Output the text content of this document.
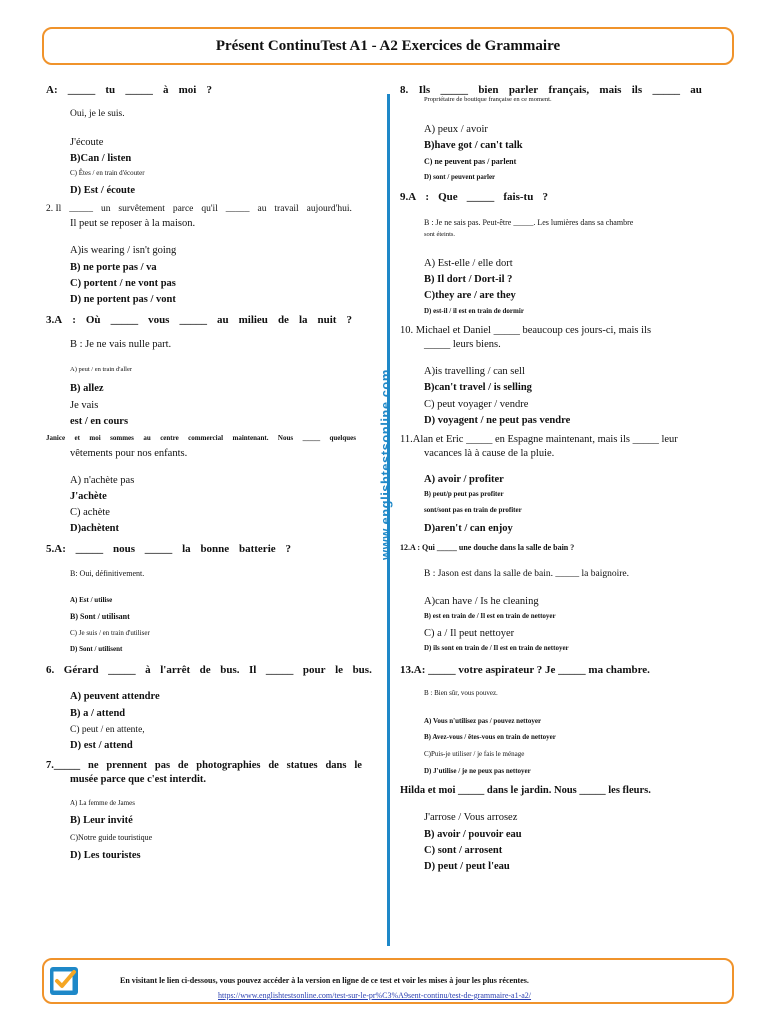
Présent ContinuTest A1 - A2 Exercices de Grammaire
A: _____ tu _____ à moi ?
Oui, je le suis.
J'écoute
B)Can / listen
C) Êtes / en train d'écouter
D) Est / écoute
2. Il _____ un survêtement parce qu'il _____ au travail aujourd'hui.
Il peut se reposer à la maison.
A)is wearing / isn't going
B) ne porte pas / va
C) portent / ne vont pas
D) ne portent pas / vont
3.A : Où _____ vous _____ au milieu de la nuit ?
B : Je ne vais nulle part.
A) peut / en train d'aller
B) allez
Je vais
est / en cours
Janice et moi sommes au centre commercial maintenant. Nous _____ quelques
vêtements pour nos enfants.
A) n'achète pas
J'achète
C) achète
D)achètent
5.A: _____ nous _____ la bonne batterie ?
B: Oui, définitivement.
A) Est / utilise
B) Sont / utilisant
C) Je suis / en train d'utiliser
D) Sont / utilisent
6. Gérard _____ à l'arrêt de bus. Il _____ pour le bus.
A) peuvent attendre
B) a / attend
C) peut / en attente,
D) est / attend
7._____ ne prennent pas de photographies de statues dans le
musée parce que c'est interdit.
A) La femme de James
B) Leur invité
C)Notre guide touristique
D) Les touristes
www.englishtestsonline.com
8. Ils _____ bien parler français, mais ils _____ au
Propriétaire de boutique française en ce moment.
A) peux / avoir
B)have got / can't talk
C) ne peuvent pas / parlent
D) sont / peuvent parler
9.A : Que _____ fais-tu ?
B : Je ne sais pas. Peut-être _____. Les lumières dans sa chambre
sont éteints.
A) Est-elle / elle dort
B) Il dort / Dort-il ?
C)they are / are they
D) est-il / il est en train de dormir
10. Michael et Daniel _____ beaucoup ces jours-ci, mais ils
_____ leurs biens.
A)is travelling / can sell
B)can't travel / is selling
C) peut voyager / vendre
D) voyagent / ne peut pas vendre
11.Alan et Eric _____ en Espagne maintenant, mais ils _____ leur
vacances là à cause de la pluie.
A) avoir / profiter
B) peut/p peut pas profiter
sont/sont pas en train de profiter
D)aren't / can enjoy
12.A : Qui _____ une douche dans la salle de bain ?
B : Jason est dans la salle de bain. _____ la baignoire.
A)can have / Is he cleaning
B) est en train de / Il est en train de nettoyer
C) a / Il peut nettoyer
D) ils sont en train de / Il est en train de nettoyer
13.A: _____ votre aspirateur ? Je _____ ma chambre.
B : Bien sûr, vous pouvez.
A) Vous n'utilisez pas / pouvez nettoyer
B) Avez-vous / êtes-vous en train de nettoyer
C)Puis-je utiliser / je fais le ménage
D) J'utilise / je ne peux pas nettoyer
Hilda et moi _____ dans le jardin. Nous _____ les fleurs.
J'arrose / Vous arrosez
B) avoir / pouvoir eau
C) sont / arrosent
D) peut / peut l'eau
En visitant le lien ci-dessous, vous pouvez accéder à la version en ligne de ce test et voir les mises à jour les plus récentes.
https://www.englishtestsonline.com/test-sur-le-pr%C3%A9sent-continu/test-de-grammaire-a1-a2/
